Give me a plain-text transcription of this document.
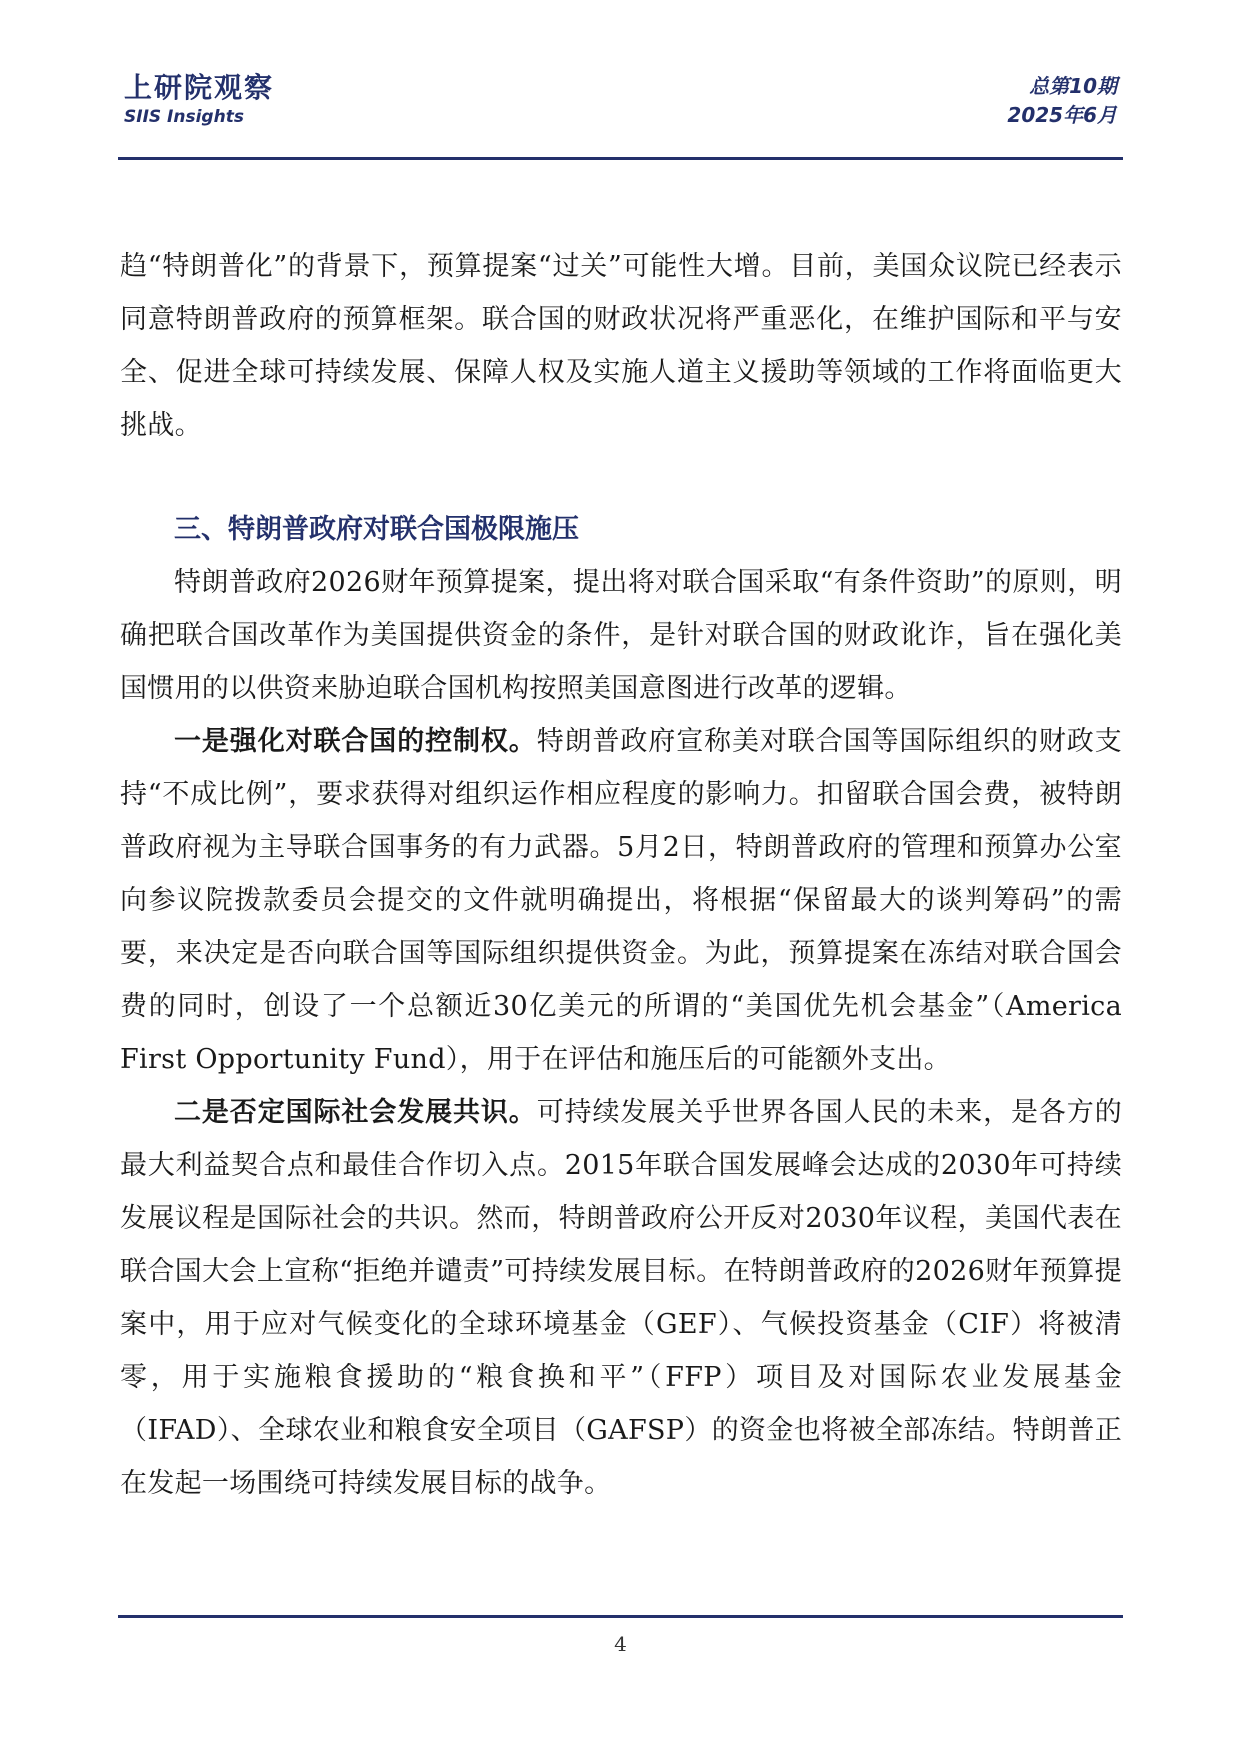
上研院观察
SIIS Insights
总第10期
2025年6月

趋“特朗普化”的背景下，预算提案“过关”可能性大增。目前，美国众议院已经表示同意特朗普政府的预算框架。联合国的财政状况将严重恶化，在维护国际和平与安全、促进全球可持续发展、保障人权及实施人道主义援助等领域的工作将面临更大挑战。

三、特朗普政府对联合国极限施压

特朗普政府2026财年预算提案，提出将对联合国采取“有条件资助”的原则，明确把联合国改革作为美国提供资金的条件，是针对联合国的财政讹诈，旨在强化美国惯用的以供资来胁迫联合国机构按照美国意图进行改革的逻辑。

一是强化对联合国的控制权。特朗普政府宣称美对联合国等国际组织的财政支持“不成比例”，要求获得对组织运作相应程度的影响力。扣留联合国会费，被特朗普政府视为主导联合国事务的有力武器。5月2日，特朗普政府的管理和预算办公室向参议院拨款委员会提交的文件就明确提出，将根据“保留最大的谈判筹码”的需要，来决定是否向联合国等国际组织提供资金。为此，预算提案在冻结对联合国会费的同时，创设了一个总额近30亿美元的所谓的“美国优先机会基金”（America First Opportunity Fund），用于在评估和施压后的可能额外支出。

二是否定国际社会发展共识。可持续发展关乎世界各国人民的未来，是各方的最大利益契合点和最佳合作切入点。2015年联合国发展峰会达成的2030年可持续发展议程是国际社会的共识。然而，特朗普政府公开反对2030年议程，美国代表在联合国大会上宣称“拒绝并谴责”可持续发展目标。在特朗普政府的2026财年预算提案中，用于应对气候变化的全球环境基金（GEF）、气候投资基金（CIF）将被清零，用于实施粮食援助的“粮食换和平”（FFP）项目及对国际农业发展基金（IFAD）、全球农业和粮食安全项目（GAFSP）的资金也将被全部冻结。特朗普正在发起一场围绕可持续发展目标的战争。

4
